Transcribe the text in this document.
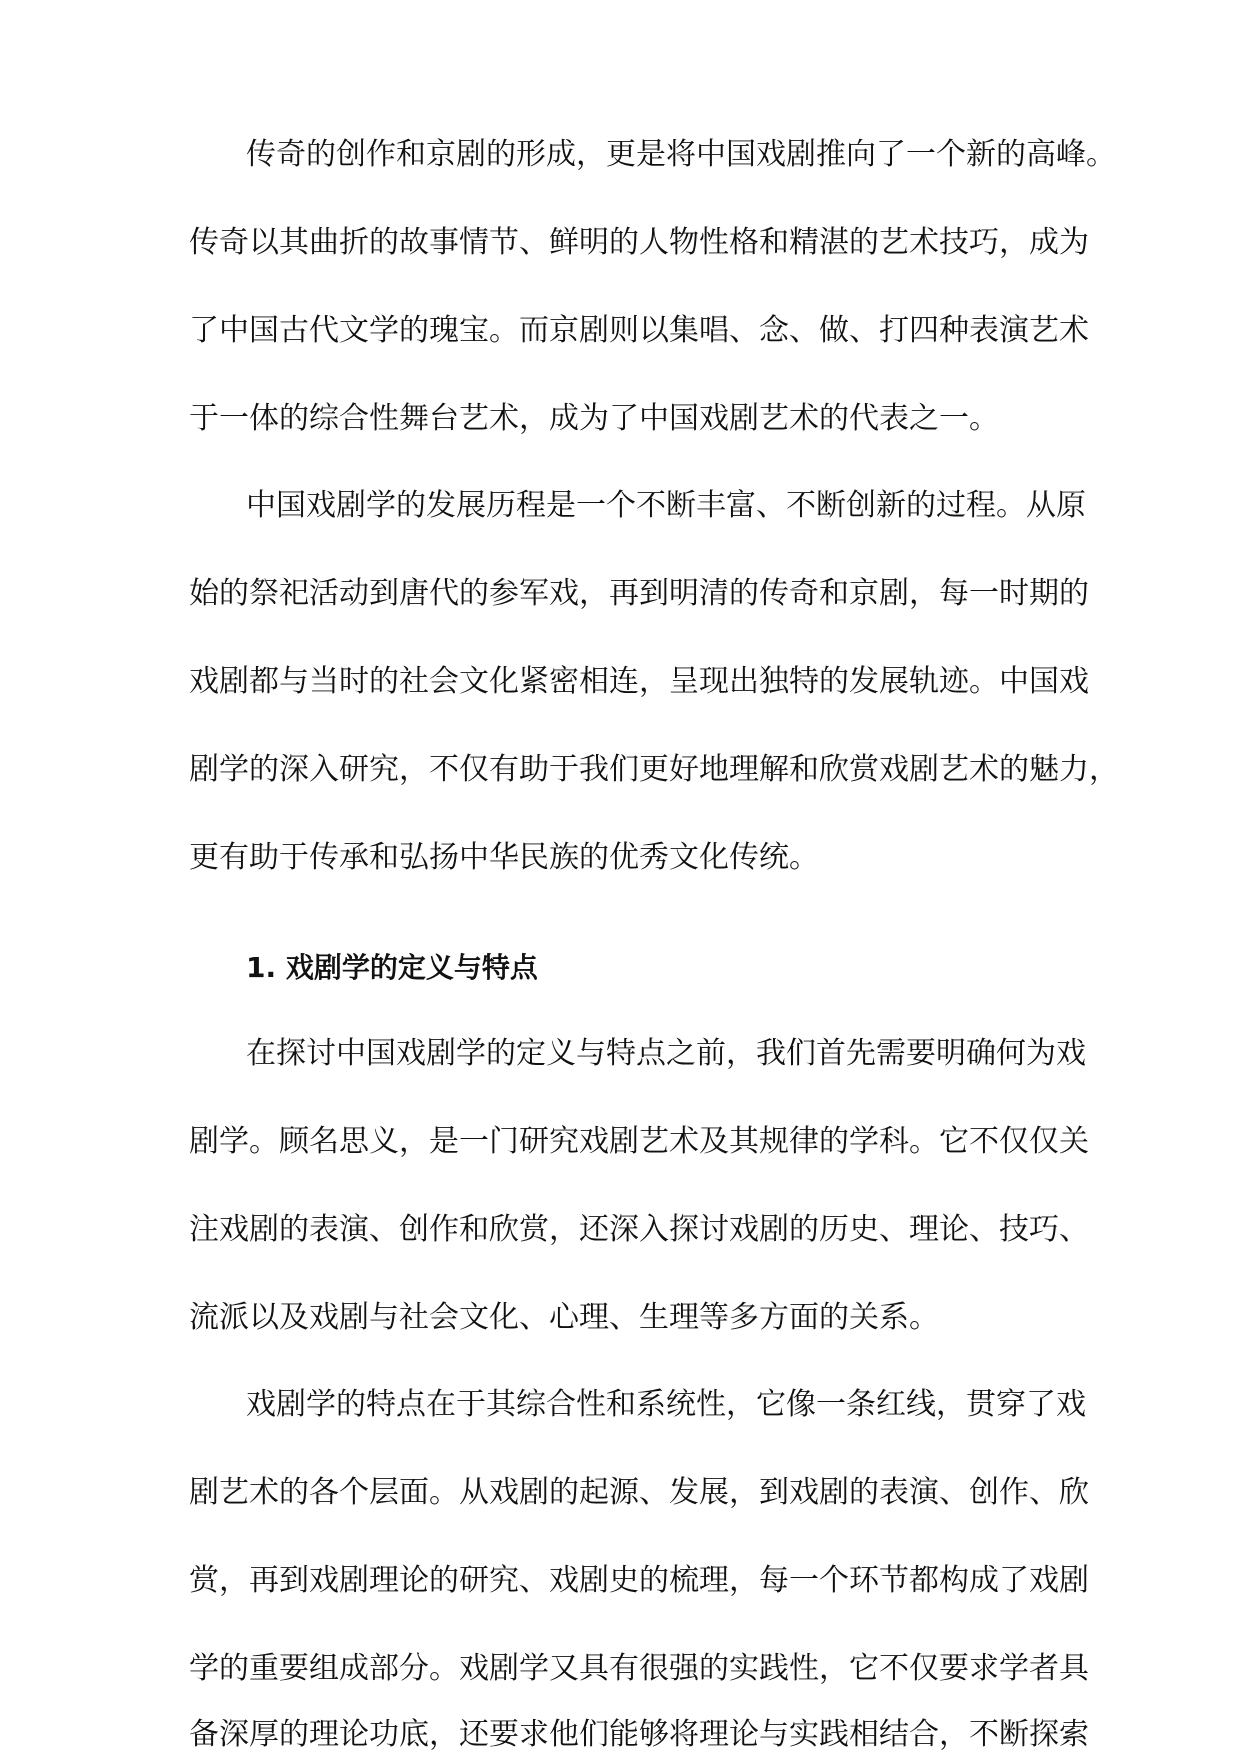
传奇的创作和京剧的形成，更是将中国戏剧推向了一个新的高峰。

传奇以其曲折的故事情节、鲜明的人物性格和精湛的艺术技巧，成为

了中国古代文学的瑰宝。而京剧则以集唱、念、做、打四种表演艺术

于一体的综合性舞台艺术，成为了中国戏剧艺术的代表之一。

中国戏剧学的发展历程是一个不断丰富、不断创新的过程。从原

始的祭祀活动到唐代的参军戏，再到明清的传奇和京剧，每一时期的

戏剧都与当时的社会文化紧密相连，呈现出独特的发展轨迹。中国戏

剧学的深入研究，不仅有助于我们更好地理解和欣赏戏剧艺术的魅力，

更有助于传承和弘扬中华民族的优秀文化传统。

1. 戏剧学的定义与特点

在探讨中国戏剧学的定义与特点之前，我们首先需要明确何为戏

剧学。顾名思义，是一门研究戏剧艺术及其规律的学科。它不仅仅关

注戏剧的表演、创作和欣赏，还深入探讨戏剧的历史、理论、技巧、

流派以及戏剧与社会文化、心理、生理等多方面的关系。

戏剧学的特点在于其综合性和系统性，它像一条红线，贯穿了戏

剧艺术的各个层面。从戏剧的起源、发展，到戏剧的表演、创作、欣

赏，再到戏剧理论的研究、戏剧史的梳理，每一个环节都构成了戏剧

学的重要组成部分。戏剧学又具有很强的实践性，它不仅要求学者具

备深厚的理论功底，还要求他们能够将理论与实践相结合，不断探索
